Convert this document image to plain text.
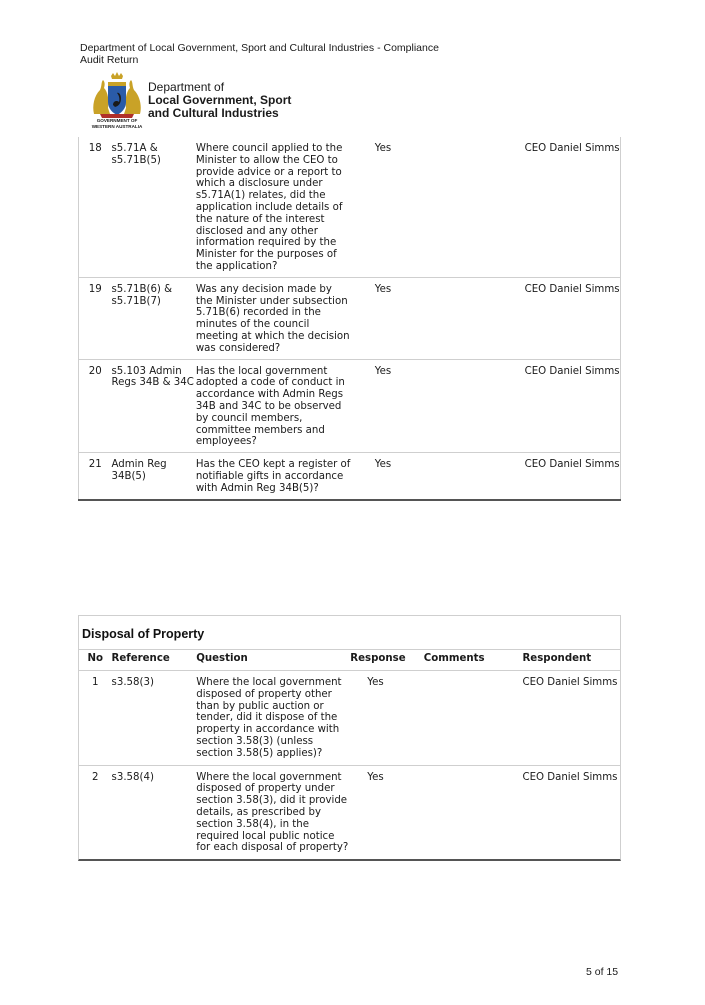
Department of Local Government, Sport and Cultural Industries - Compliance Audit Return
GOVERNMENT OF
WESTERN AUSTRALIA
Department of
Local Government, Sport
and Cultural Industries
18	s5.71A & s5.71B(5)	Where council applied to the Minister to allow the CEO to provide advice or a report to which a disclosure under s5.71A(1) relates, did the application include details of the nature of the interest disclosed and any other information required by the Minister for the purposes of the application?	Yes		CEO Daniel Simms
19	s5.71B(6) & s5.71B(7)	Was any decision made by the Minister under subsection 5.71B(6) recorded in the minutes of the council meeting at which the decision was considered?	Yes		CEO Daniel Simms
20	s5.103 Admin Regs 34B & 34C	Has the local government adopted a code of conduct in accordance with Admin Regs 34B and 34C to be observed by council members, committee members and employees?	Yes		CEO Daniel Simms
21	Admin Reg 34B(5)	Has the CEO kept a register of notifiable gifts in accordance with Admin Reg 34B(5)?	Yes		CEO Daniel Simms
Disposal of Property
No	Reference	Question	Response	Comments	Respondent
1	s3.58(3)	Where the local government disposed of property other than by public auction or tender, did it dispose of the property in accordance with section 3.58(3) (unless section 3.58(5) applies)?	Yes		CEO Daniel Simms
2	s3.58(4)	Where the local government disposed of property under section 3.58(3), did it provide details, as prescribed by section 3.58(4), in the required local public notice for each disposal of property?	Yes		CEO Daniel Simms
5 of 15
